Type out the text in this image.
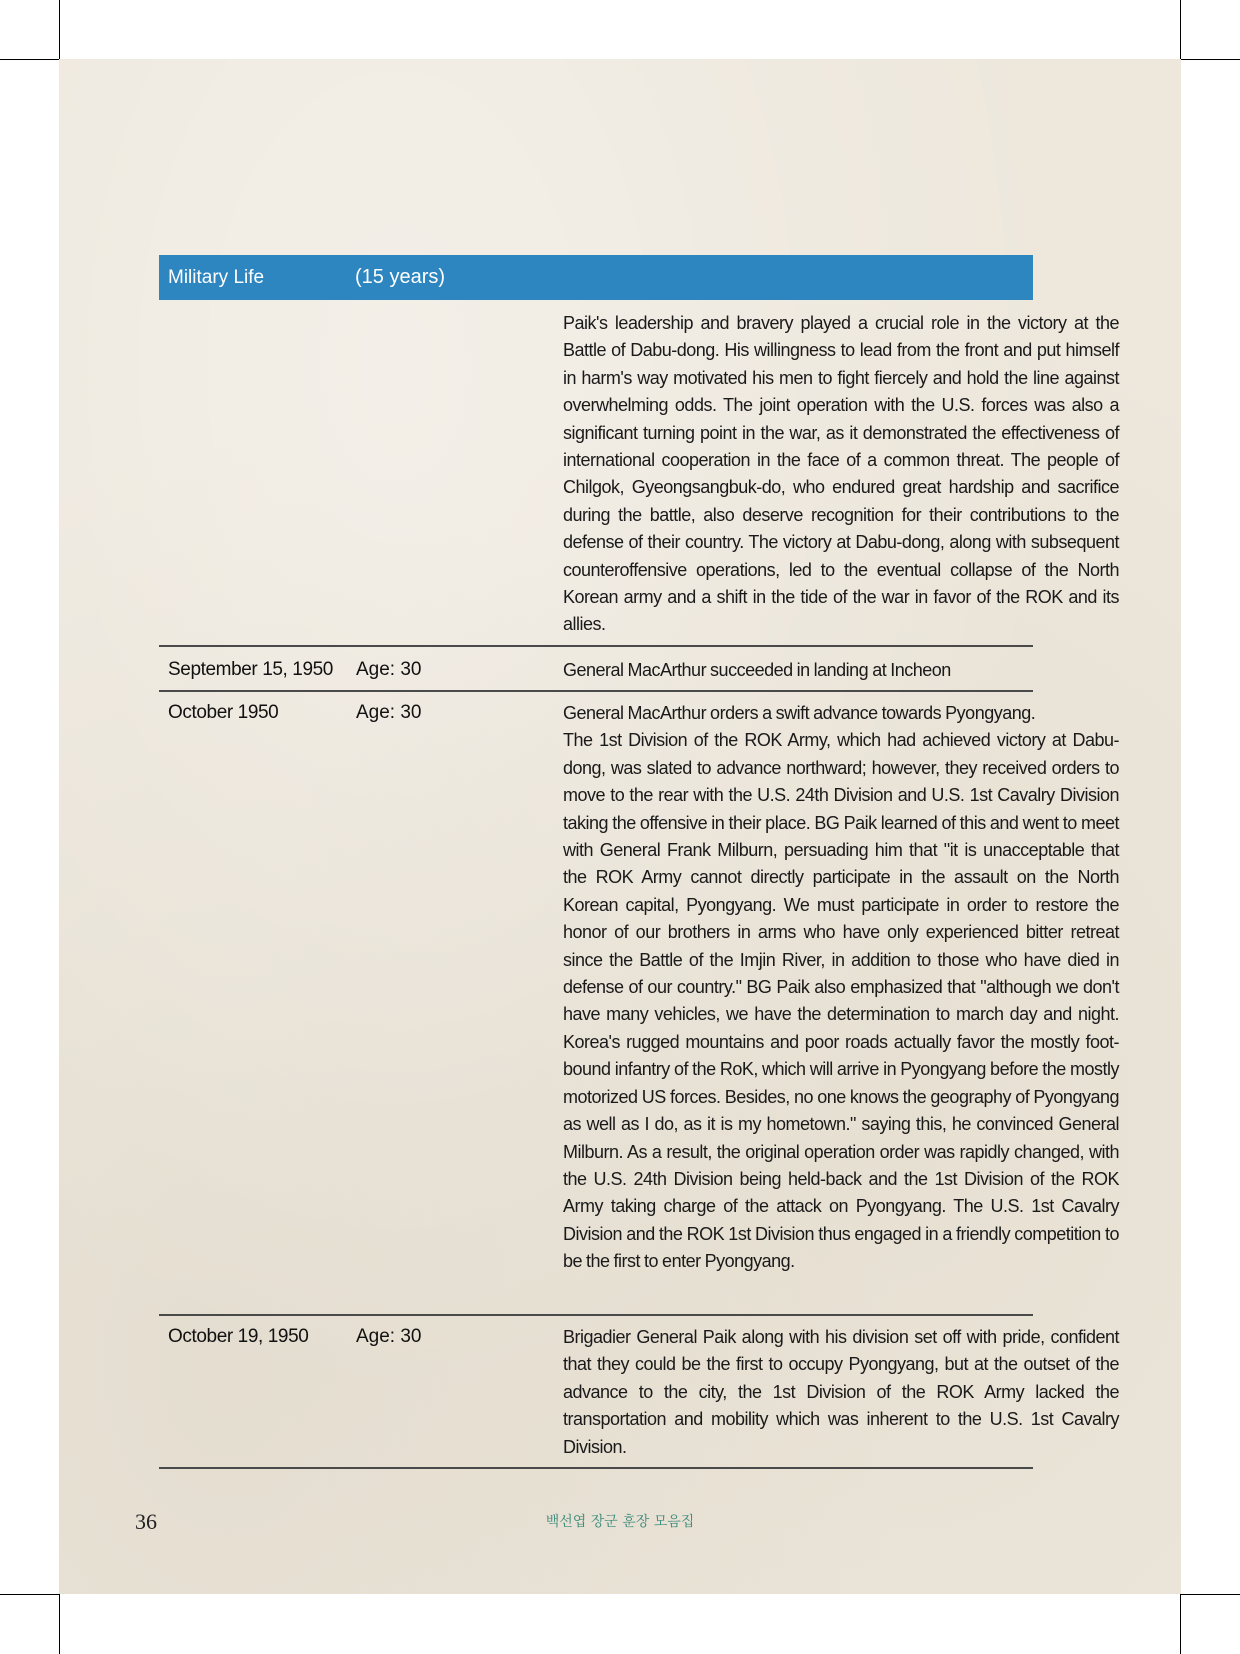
Military Life	(15 years)

Paik's leadership and bravery played a crucial role in the victory at the Battle of Dabu-dong. His willingness to lead from the front and put himself in harm's way motivated his men to fight fiercely and hold the line against overwhelming odds. The joint operation with the U.S. forces was also a significant turning point in the war, as it demonstrated the effectiveness of international cooperation in the face of a common threat. The people of Chilgok, Gyeongsangbuk-do, who endured great hardship and sacrifice during the battle, also deserve recognition for their contributions to the defense of their country. The victory at Dabu-dong, along with subsequent counteroffensive operations, led to the eventual collapse of the North Korean army and a shift in the tide of the war in favor of the ROK and its allies.

September 15, 1950 Age: 30	General MacArthur succeeded in landing at Incheon

October 1950	Age: 30	General MacArthur orders a swift advance towards Pyongyang.

The 1st Division of the ROK Army, which had achieved victory at Dabu-dong, was slated to advance northward; however, they received orders to move to the rear with the U.S. 24th Division and U.S. 1st Cavalry Division taking the offensive in their place. BG Paik learned of this and went to meet with General Frank Milburn, persuading him that "it is unacceptable that the ROK Army cannot directly participate in the assault on the North Korean capital, Pyongyang. We must participate in order to restore the honor of our brothers in arms who have only experienced bitter retreat since the Battle of the Imjin River, in addition to those who have died in defense of our country." BG Paik also emphasized that "although we don't have many vehicles, we have the determination to march day and night. Korea's rugged mountains and poor roads actually favor the mostly foot-bound infantry of the RoK, which will arrive in Pyongyang before the mostly motorized US forces. Besides, no one knows the geography of Pyongyang as well as I do, as it is my hometown." saying this, he convinced General Milburn. As a result, the original operation order was rapidly changed, with the U.S. 24th Division being held-back and the 1st Division of the ROK Army taking charge of the attack on Pyongyang. The U.S. 1st Cavalry Division and the ROK 1st Division thus engaged in a friendly competition to be the first to enter Pyongyang.

October 19, 1950	Age: 30	Brigadier General Paik along with his division set off with pride, confident that they could be the first to occupy Pyongyang, but at the outset of the advance to the city, the 1st Division of the ROK Army lacked the transportation and mobility which was inherent to the U.S. 1st Cavalry Division.

36	백선엽 장군 훈장 모음집
